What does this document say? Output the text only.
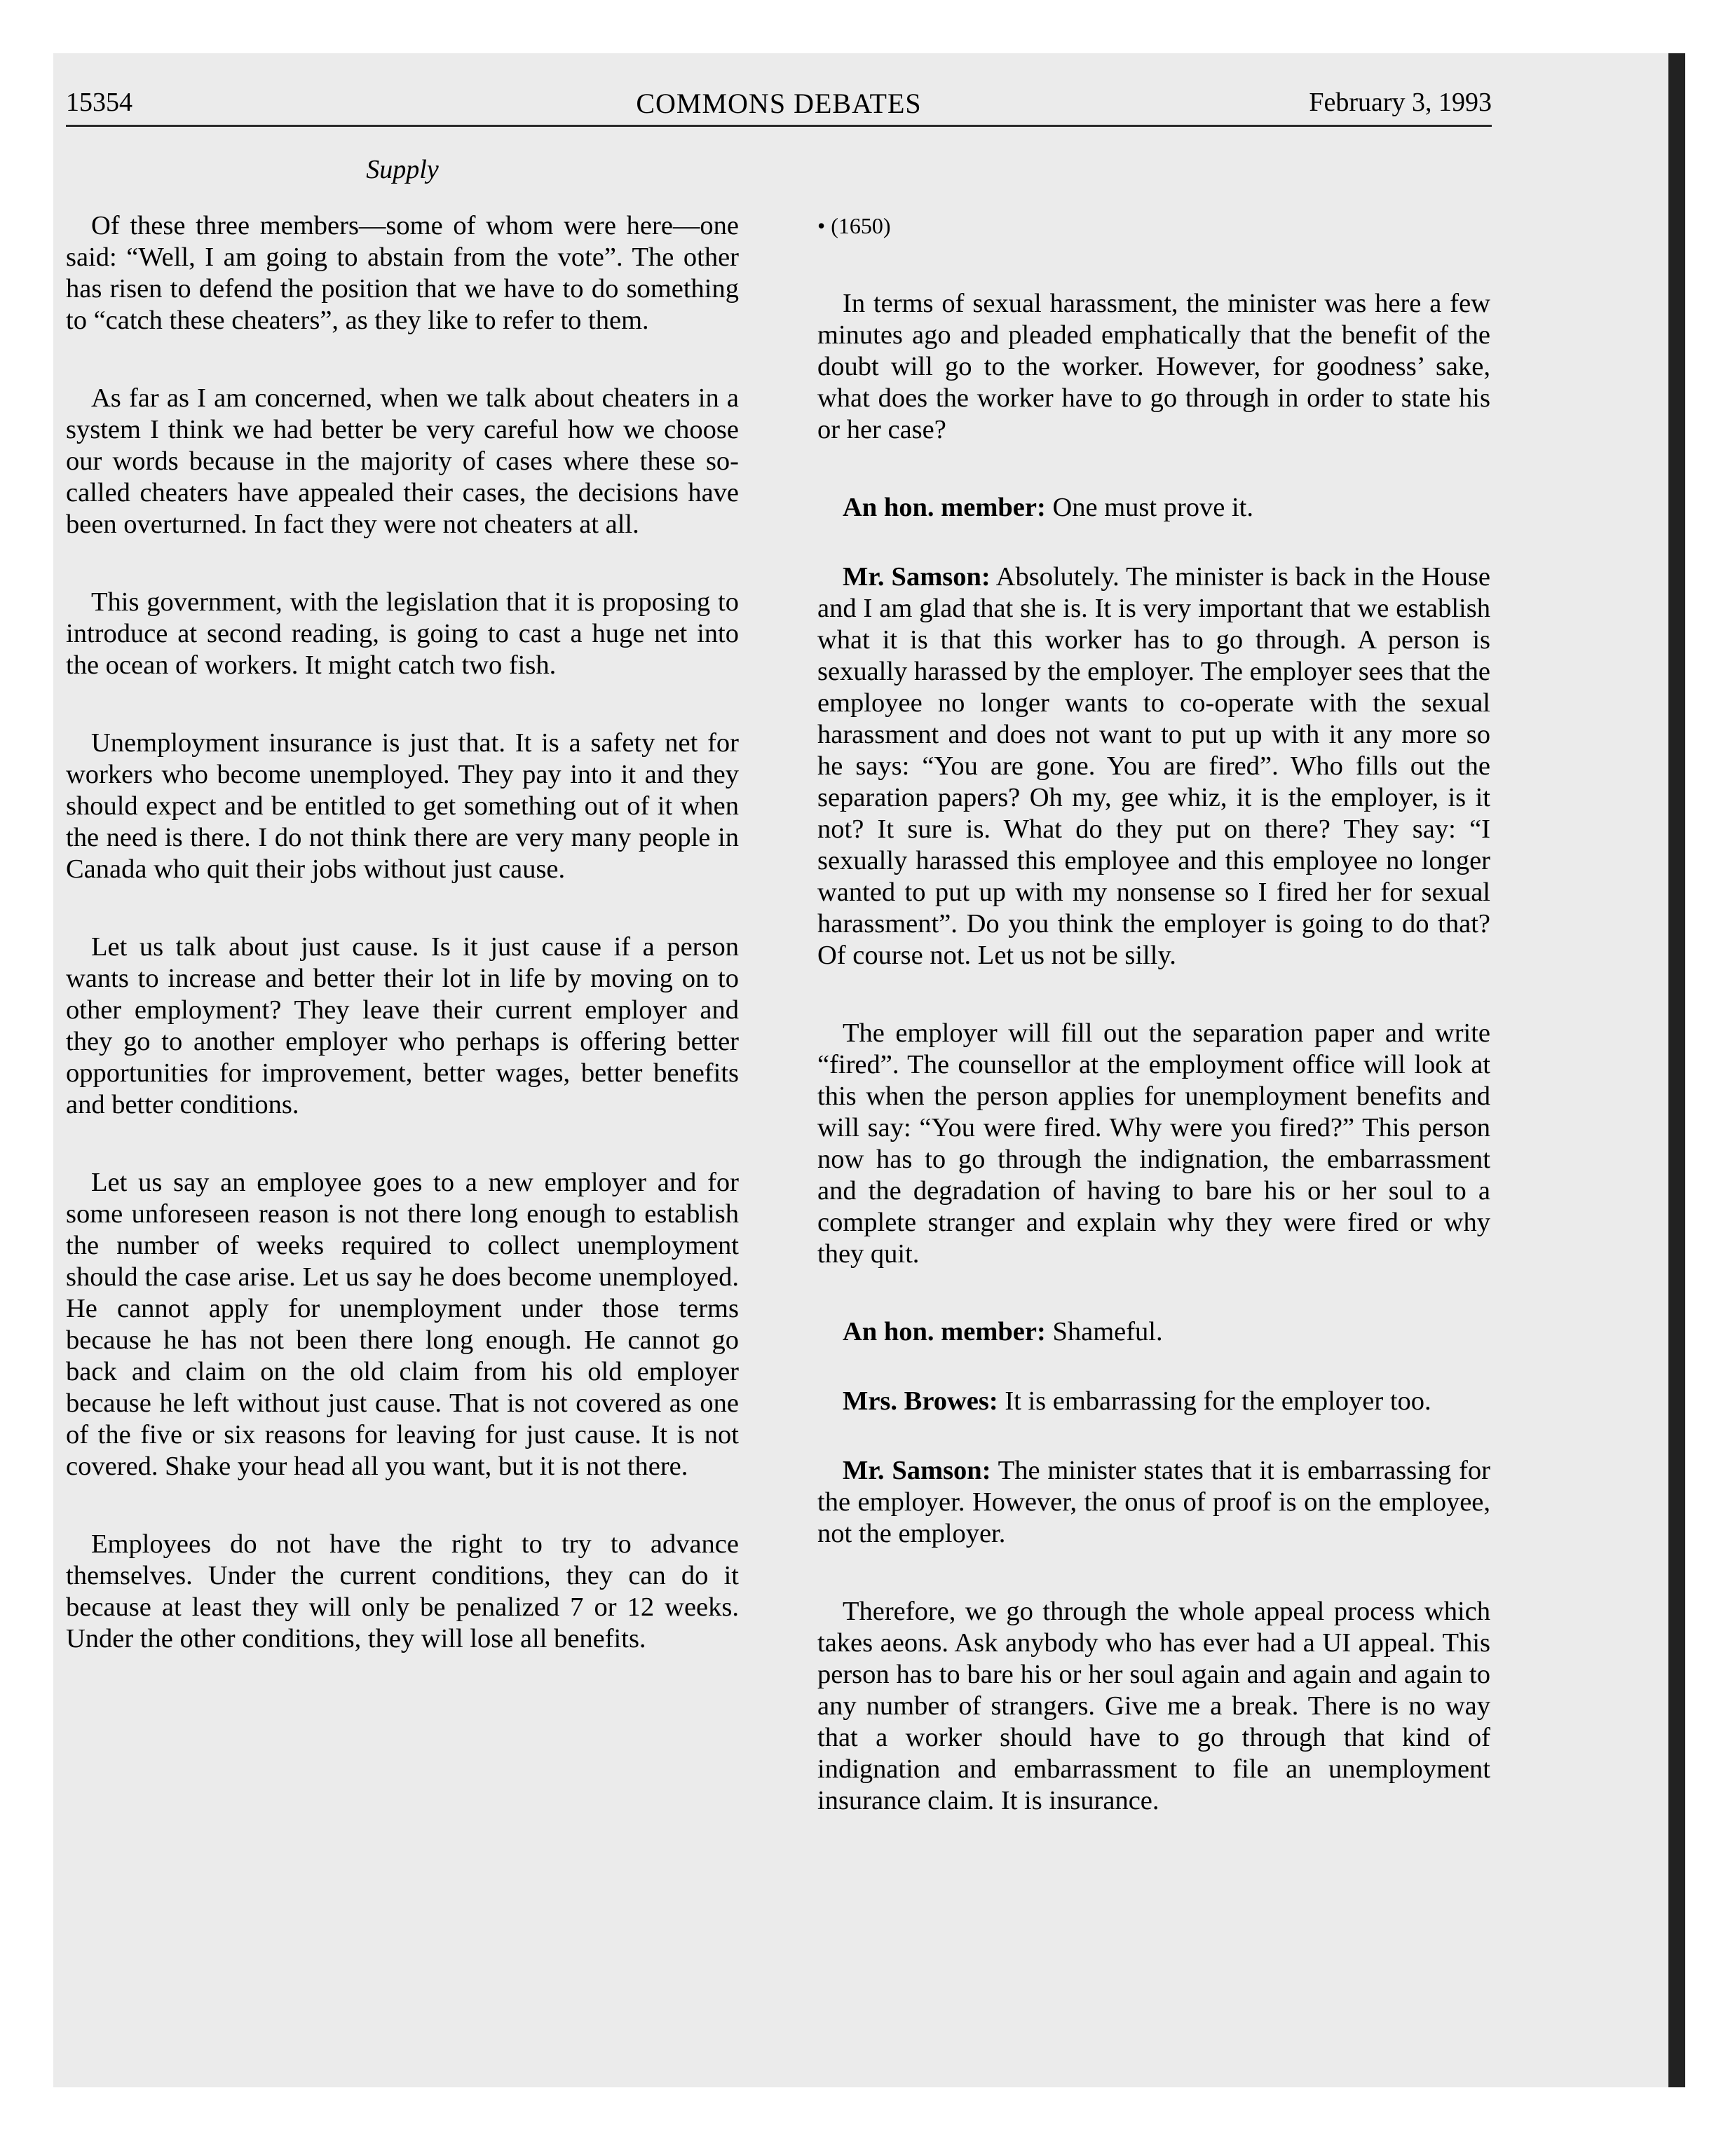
15354	COMMONS DEBATES	February 3, 1993
Supply

Of these three members—some of whom were here—one said: “Well, I am going to abstain from the vote”. The other has risen to defend the position that we have to do something to “catch these cheaters”, as they like to refer to them.

As far as I am concerned, when we talk about cheaters in a system I think we had better be very careful how we choose our words because in the majority of cases where these so-called cheaters have appealed their cases, the decisions have been overturned. In fact they were not cheaters at all.

This government, with the legislation that it is proposing to introduce at second reading, is going to cast a huge net into the ocean of workers. It might catch two fish.

Unemployment insurance is just that. It is a safety net for workers who become unemployed. They pay into it and they should expect and be entitled to get something out of it when the need is there. I do not think there are very many people in Canada who quit their jobs without just cause.

Let us talk about just cause. Is it just cause if a person wants to increase and better their lot in life by moving on to other employment? They leave their current employer and they go to another employer who perhaps is offering better opportunities for improvement, better wages, better benefits and better conditions.

Let us say an employee goes to a new employer and for some unforeseen reason is not there long enough to establish the number of weeks required to collect unemployment should the case arise. Let us say he does become unemployed. He cannot apply for unemployment under those terms because he has not been there long enough. He cannot go back and claim on the old claim from his old employer because he left without just cause. That is not covered as one of the five or six reasons for leaving for just cause. It is not covered. Shake your head all you want, but it is not there.

Employees do not have the right to try to advance themselves. Under the current conditions, they can do it because at least they will only be penalized 7 or 12 weeks. Under the other conditions, they will lose all benefits.

• (1650)

In terms of sexual harassment, the minister was here a few minutes ago and pleaded emphatically that the benefit of the doubt will go to the worker. However, for goodness’ sake, what does the worker have to go through in order to state his or her case?

An hon. member: One must prove it.

Mr. Samson: Absolutely. The minister is back in the House and I am glad that she is. It is very important that we establish what it is that this worker has to go through. A person is sexually harassed by the employer. The employer sees that the employee no longer wants to co-operate with the sexual harassment and does not want to put up with it any more so he says: “You are gone. You are fired”. Who fills out the separation papers? Oh my, gee whiz, it is the employer, is it not? It sure is. What do they put on there? They say: “I sexually harassed this employee and this employee no longer wanted to put up with my nonsense so I fired her for sexual harassment”. Do you think the employer is going to do that? Of course not. Let us not be silly.

The employer will fill out the separation paper and write “fired”. The counsellor at the employment office will look at this when the person applies for unemployment benefits and will say: “You were fired. Why were you fired?” This person now has to go through the indignation, the embarrassment and the degradation of having to bare his or her soul to a complete stranger and explain why they were fired or why they quit.

An hon. member: Shameful.

Mrs. Browes: It is embarrassing for the employer too.

Mr. Samson: The minister states that it is embarrassing for the employer. However, the onus of proof is on the employee, not the employer.

Therefore, we go through the whole appeal process which takes aeons. Ask anybody who has ever had a UI appeal. This person has to bare his or her soul again and again and again to any number of strangers. Give me a break. There is no way that a worker should have to go through that kind of indignation and embarrassment to file an unemployment insurance claim. It is insurance.
